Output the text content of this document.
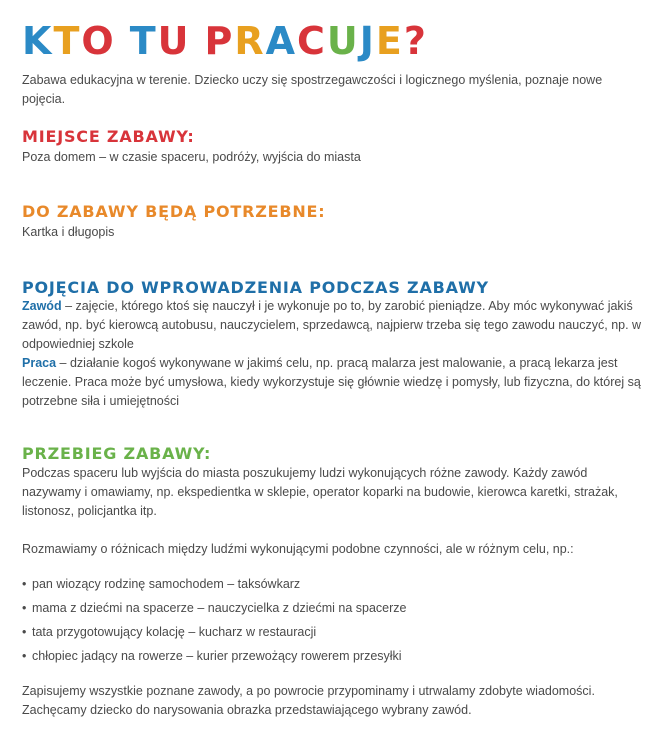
KTO TU PRACUJE?

Zabawa edukacyjna w terenie. Dziecko uczy się spostrzegawczości i logicznego myślenia, poznaje nowe pojęcia.

MIEJSCE ZABAWY:

Poza domem – w czasie spaceru, podróży, wyjścia do miasta

DO ZABAWY BĘDĄ POTRZEBNE:

Kartka i długopis

POJĘCIA DO WPROWADZENIA PODCZAS ZABAWY

Zawód – zajęcie, którego ktoś się nauczył i je wykonuje po to, by zarobić pieniądze. Aby móc wykonywać jakiś zawód, np. być kierowcą autobusu, nauczycielem, sprzedawcą, najpierw trzeba się tego zawodu nauczyć, np. w odpowiedniej szkole

Praca – działanie kogoś wykonywane w jakimś celu, np. pracą malarza jest malowanie, a pracą lekarza jest leczenie. Praca może być umysłowa, kiedy wykorzystuje się głównie wiedzę i pomysły, lub fizyczna, do której są potrzebne siła i umiejętności

PRZEBIEG ZABAWY:

Podczas spaceru lub wyjścia do miasta poszukujemy ludzi wykonujących różne zawody. Każdy zawód nazywamy i omawiamy, np. ekspedientka w sklepie, operator koparki na budowie, kierowca karetki, strażak, listonosz, policjantka itp.

Rozmawiamy o różnicach między ludźmi wykonującymi podobne czynności, ale w różnym celu, np.:

• pan wiozący rodzinę samochodem – taksówkarz
• mama z dziećmi na spacerze – nauczycielka z dziećmi na spacerze
• tata przygotowujący kolację – kucharz w restauracji
• chłopiec jadący na rowerze – kurier przewożący rowerem przesyłki

Zapisujemy wszystkie poznane zawody, a po powrocie przypominamy i utrwalamy zdobyte wiadomości. Zachęcamy dziecko do narysowania obrazka przedstawiającego wybrany zawód.
